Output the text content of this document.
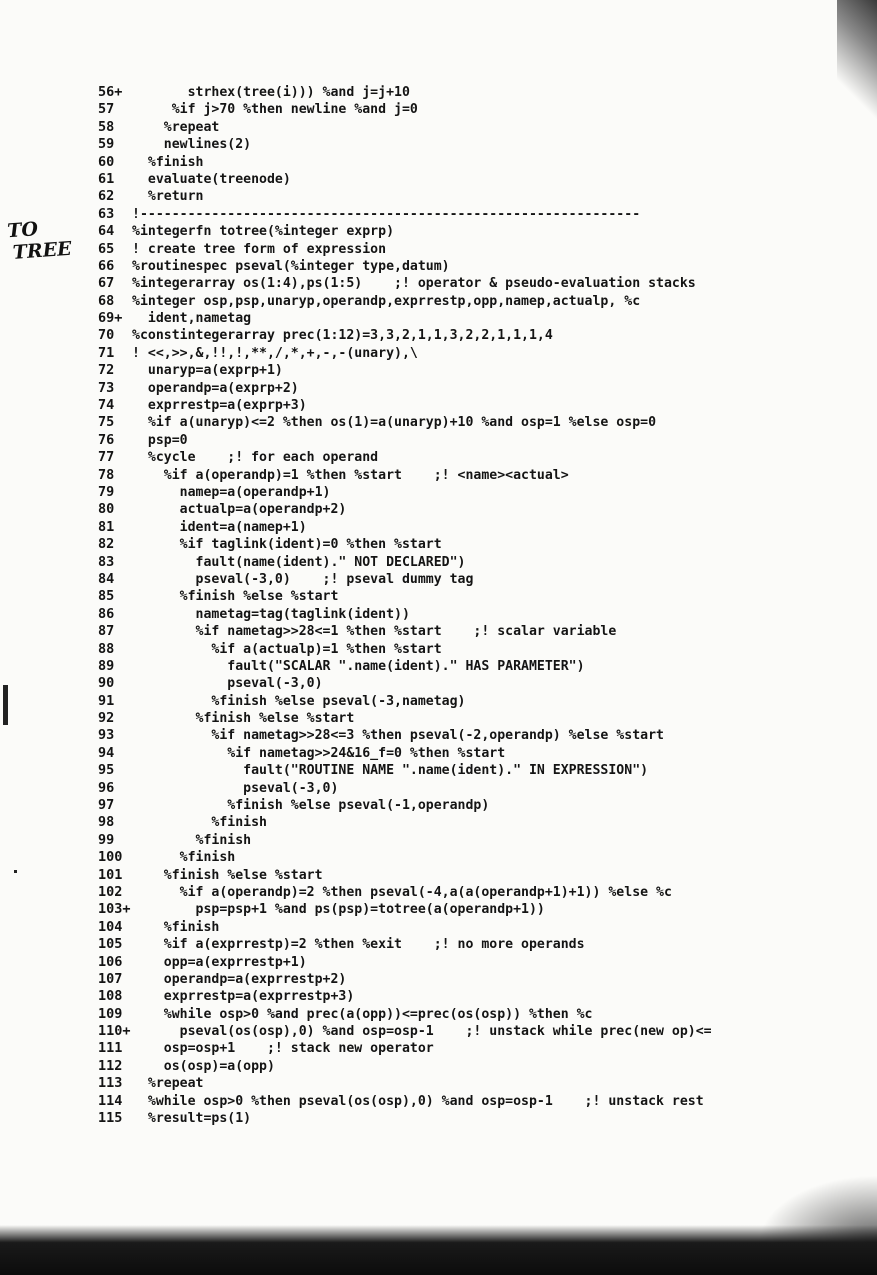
TO
TREE
56+ strhex(tree(i))) %and j=j+10
57	%if j>70 %then newline %and j=0
58	%repeat
59	newlines(2)
60	%finish
61	evaluate(treenode)
62	%return
63	!---------------------------------------------------------------
64	%integerfn totree(%integer exprp)
65	! create tree form of expression
66	%routinespec pseval(%integer type,datum)
67	%integerarray os(1:4),ps(1:5)    ;! operator & pseudo-evaluation stacks
68	%integer osp,psp,unaryp,operandp,exprrestp,opp,namep,actualp, %c
69+ ident,nametag
70	%constintegerarray prec(1:12)=3,3,2,1,1,3,2,2,1,1,1,4
71	! <<,>>,&,!!,!,**,/,*,+,-,-(unary),\
72	unaryp=a(exprp+1)
73	operandp=a(exprp+2)
74	exprrestp=a(exprp+3)
75	%if a(unaryp)<=2 %then os(1)=a(unaryp)+10 %and osp=1 %else osp=0
76	psp=0
77	%cycle    ;! for each operand
78	%if a(operandp)=1 %then %start    ;! <name><actual>
79	namep=a(operandp+1)
80	actualp=a(operandp+2)
81	ident=a(namep+1)
82	%if taglink(ident)=0 %then %start
83	fault(name(ident)." NOT DECLARED")
84	pseval(-3,0)    ;! pseval dummy tag
85	%finish %else %start
86	nametag=tag(taglink(ident))
87	%if nametag>>28<=1 %then %start    ;! scalar variable
88	%if a(actualp)=1 %then %start
89	fault("SCALAR ".name(ident)." HAS PARAMETER")
90	pseval(-3,0)
91	%finish %else pseval(-3,nametag)
92	%finish %else %start
93	%if nametag>>28<=3 %then pseval(-2,operandp) %else %start
94	%if nametag>>24&16_f=0 %then %start
95	fault("ROUTINE NAME ".name(ident)." IN EXPRESSION")
96	pseval(-3,0)
97	%finish %else pseval(-1,operandp)
98	%finish
99	%finish
100 %finish
101 %finish %else %start
102 %if a(operandp)=2 %then pseval(-4,a(a(operandp+1)+1)) %else %c
103+ psp=psp+1 %and ps(psp)=totree(a(operandp+1))
104 %finish
105 %if a(exprrestp)=2 %then %exit    ;! no more operands
106 opp=a(exprrestp+1)
107 operandp=a(exprrestp+2)
108 exprrestp=a(exprrestp+3)
109 %while osp>0 %and prec(a(opp))<=prec(os(osp)) %then %c
110+ pseval(os(osp),0) %and osp=osp-1    ;! unstack while prec(new op)<=
111 osp=osp+1    ;! stack new operator
112 os(osp)=a(opp)
113 %repeat
114 %while osp>0 %then pseval(os(osp),0) %and osp=osp-1    ;! unstack rest
115 %result=ps(1)
